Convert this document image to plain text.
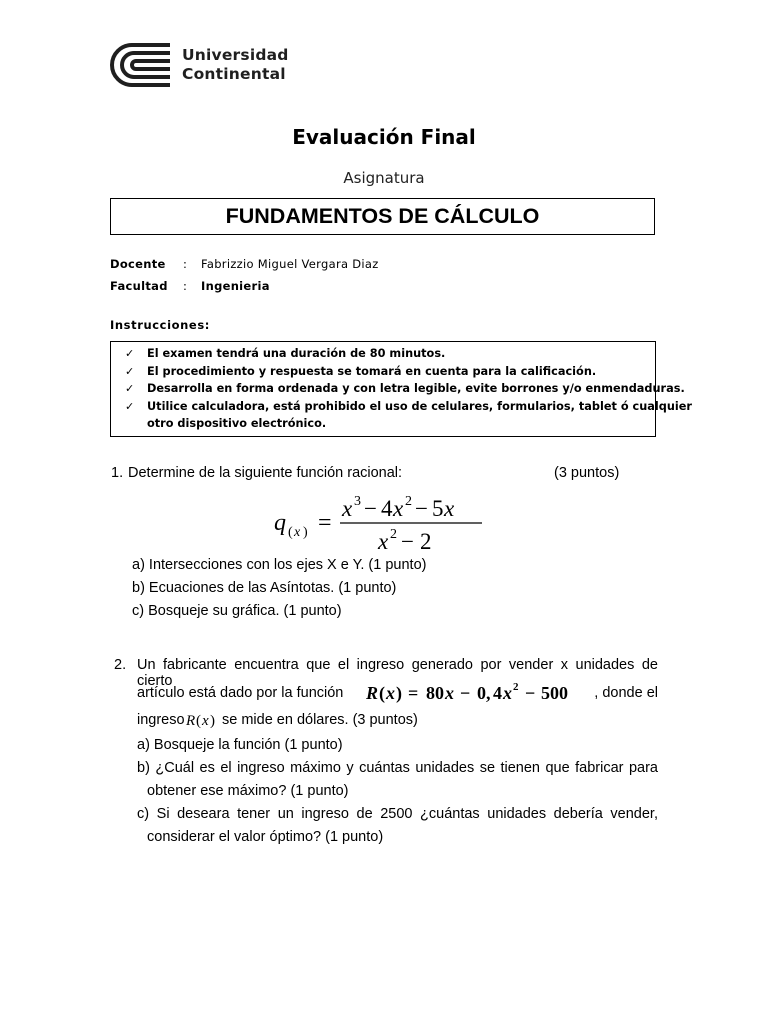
Universidad
Continental
Evaluación Final
Asignatura
FUNDAMENTOS DE CÁLCULO
Docente : Fabrizzio Miguel Vergara Diaz
Facultad : Ingenieria
Instrucciones:
✓ El examen tendrá una duración de 80 minutos.
✓ El procedimiento y respuesta se tomará en cuenta para la calificación.
✓ Desarrolla en forma ordenada y con letra legible, evite borrones y/o enmendaduras.
✓ Utilice calculadora, está prohibido el uso de celulares, formularios, tablet ó cualquier
otro dispositivo electrónico.
1. Determine de la siguiente función racional:	(3 puntos)
q ( x ) =
x 3 − 4 x 2 − 5 x
x 2 − 2
a) Intersecciones con los ejes X e Y. (1 punto)
b) Ecuaciones de las Asíntotas. (1 punto)
c) Bosqueje su gráfica. (1 punto)
2. Un fabricante encuentra que el ingreso generado por vender x unidades de cierto
artículo está dado por la función R ( x ) = 80 x − 0, 4 x 2 − 500	, donde el
ingreso R ( x ) se mide en dólares. (3 puntos)
a) Bosqueje la función (1 punto)
b) ¿Cuál es el ingreso máximo y cuántas unidades se tienen que fabricar para
obtener ese máximo? (1 punto)
c) Si deseara tener un ingreso de 2500 ¿cuántas unidades debería vender,
considerar el valor óptimo? (1 punto)
